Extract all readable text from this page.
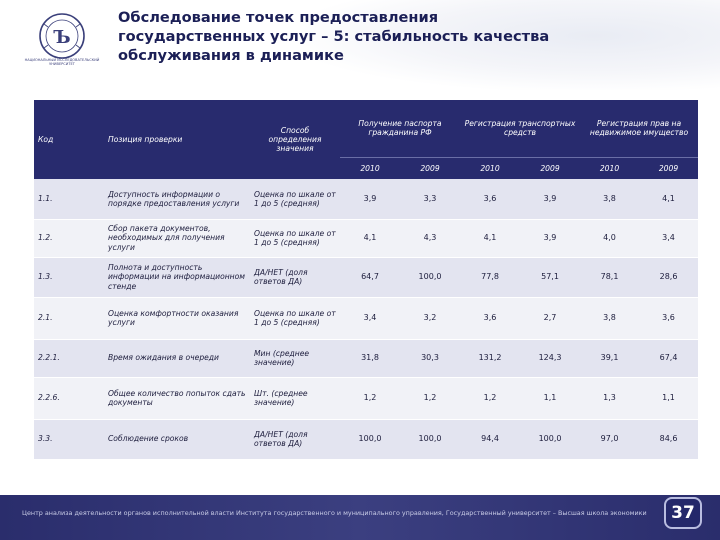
Ъ
НАЦИОНАЛЬНЫЙ ИССЛЕДОВАТЕЛЬСКИЙ УНИВЕРСИТЕТ
Обследование точек предоставления
государственных услуг – 5: стабильность качества
обслуживания в динамике
Код	Позиция проверки	Способ определения значения	Получение паспорта гражданина РФ		Регистрация транспортных средств		Регистрация прав на недвижимое имущество	
			2010	2009	2010	2009	2010	2009
1.1.	Доступность информации о порядке предоставления услуги	Оценка по шкале от 1 до 5 (средняя)	3,9	3,3	3,6	3,9	3,8	4,1
1.2.	Сбор пакета документов, необходимых для получения услуги	Оценка по шкале от 1 до 5 (средняя)	4,1	4,3	4,1	3,9	4,0	3,4
1.3.	Полнота и доступность информации на информационном стенде	ДА/НЕТ (доля ответов ДА)	64,7	100,0	77,8	57,1	78,1	28,6
2.1.	Оценка комфортности оказания услуги	Оценка по шкале от 1 до 5 (средняя)	3,4	3,2	3,6	2,7	3,8	3,6
2.2.1.	Время ожидания в очереди	Мин (среднее значение)	31,8	30,3	131,2	124,3	39,1	67,4
2.2.6.	Общее количество попыток сдать документы	Шт. (среднее значение)	1,2	1,2	1,2	1,1	1,3	1,1
3.3.	Соблюдение сроков	ДА/НЕТ (доля ответов ДА)	100,0	100,0	94,4	100,0	97,0	84,6
Центр анализа деятельности органов исполнительной власти Института государственного и муниципального управления, Государственный университет – Высшая школа экономики	37
